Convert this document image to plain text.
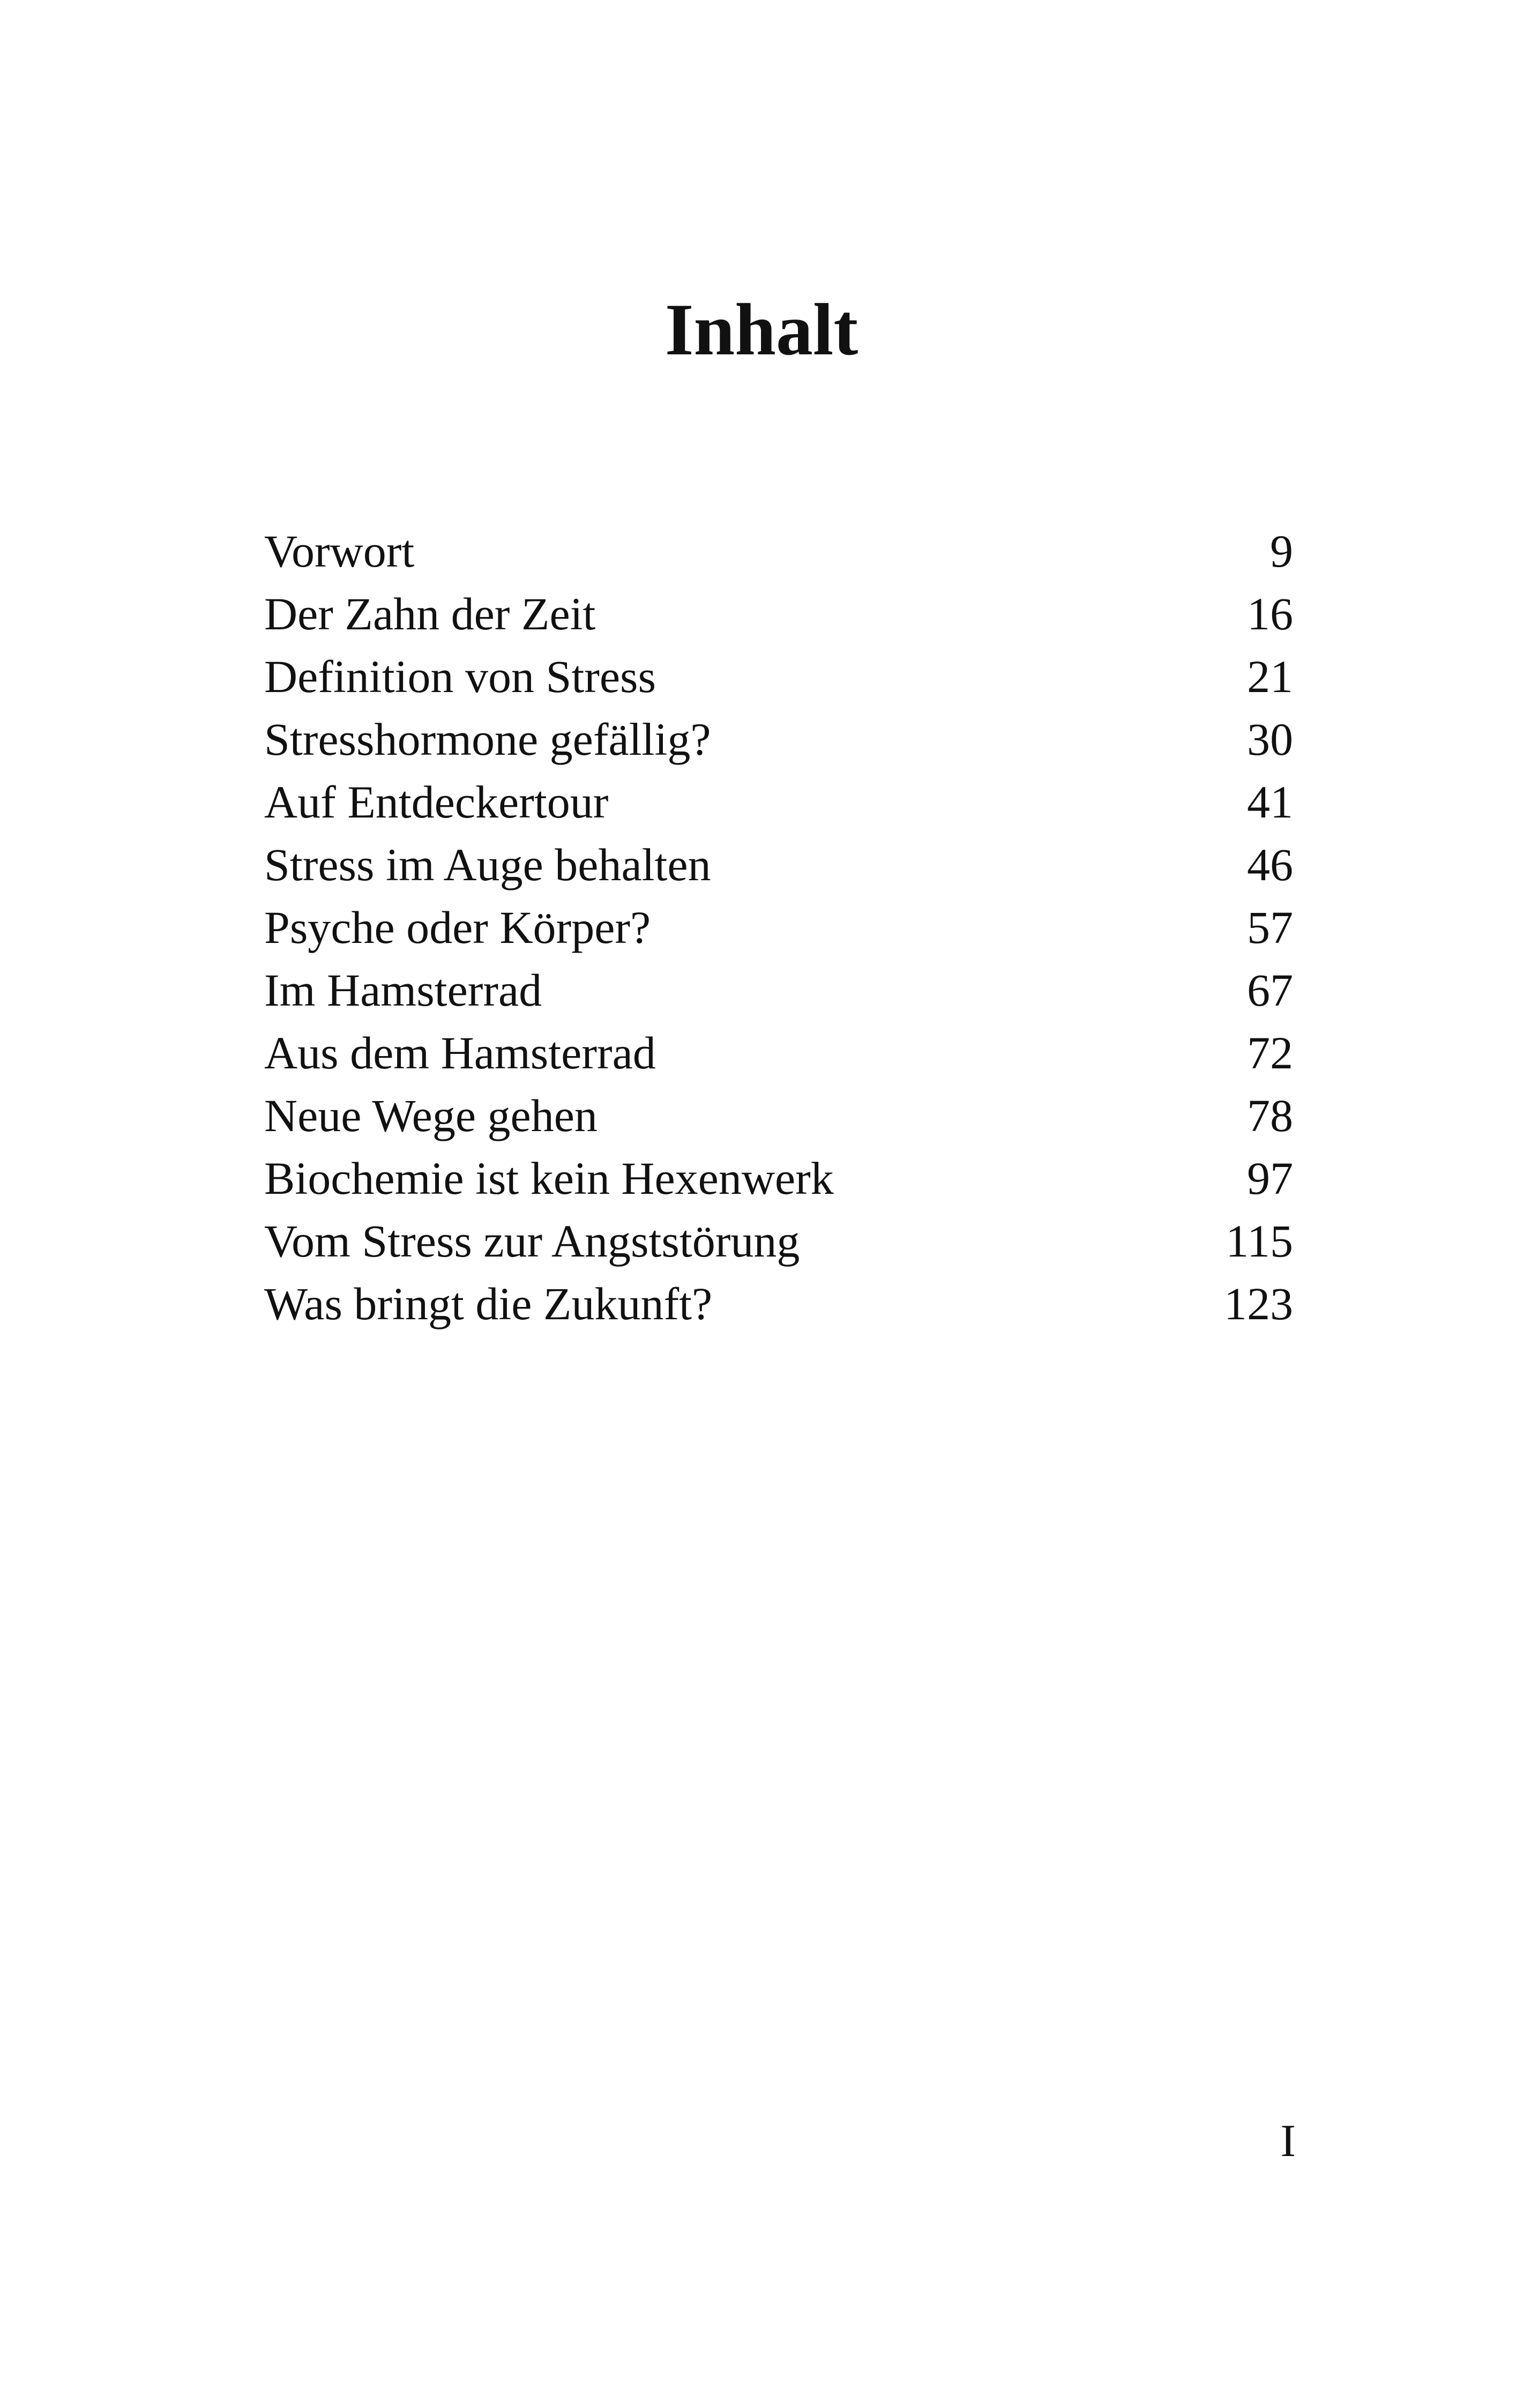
Inhalt
Vorwort	9
Der Zahn der Zeit	16
Definition von Stress	21
Stresshormone gefällig?	30
Auf Entdeckertour	41
Stress im Auge behalten	46
Psyche oder Körper?	57
Im Hamsterrad	67
Aus dem Hamsterrad	72
Neue Wege gehen	78
Biochemie ist kein Hexenwerk	97
Vom Stress zur Angststörung	115
Was bringt die Zukunft?	123
I
